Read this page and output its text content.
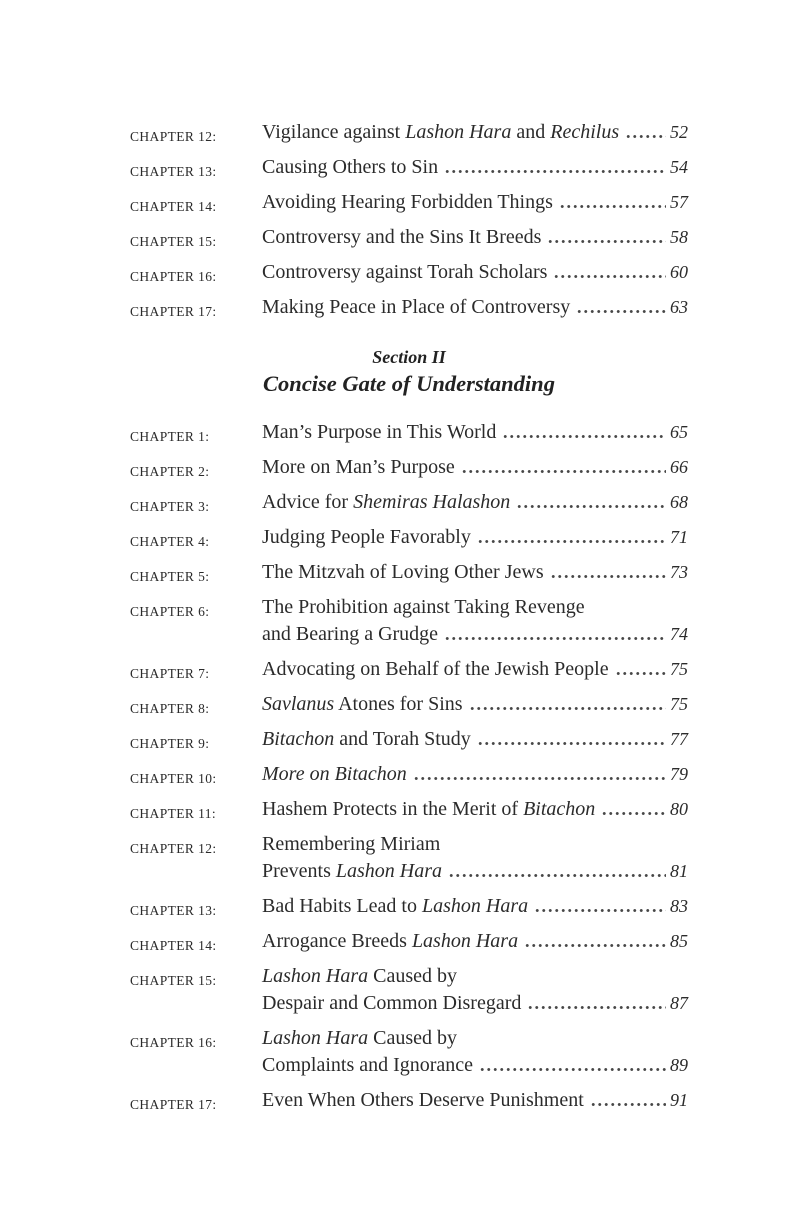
CHAPTER 12:	Vigilance against Lashon Hara and Rechilus	52
CHAPTER 13:	Causing Others to Sin	54
CHAPTER 14:	Avoiding Hearing Forbidden Things	57
CHAPTER 15:	Controversy and the Sins It Breeds	58
CHAPTER 16:	Controversy against Torah Scholars	60
CHAPTER 17:	Making Peace in Place of Controversy	63
Section II
Concise Gate of Understanding
CHAPTER 1:	Man’s Purpose in This World	65
CHAPTER 2:	More on Man’s Purpose	66
CHAPTER 3:	Advice for Shemiras Halashon	68
CHAPTER 4:	Judging People Favorably	71
CHAPTER 5:	The Mitzvah of Loving Other Jews	73
CHAPTER 6:	The Prohibition against Taking Revenge
and Bearing a Grudge	74
CHAPTER 7:	Advocating on Behalf of the Jewish People	75
CHAPTER 8:	Savlanus Atones for Sins	75
CHAPTER 9:	Bitachon and Torah Study	77
CHAPTER 10:	More on Bitachon	79
CHAPTER 11:	Hashem Protects in the Merit of Bitachon	80
CHAPTER 12:	Remembering Miriam
Prevents Lashon Hara	81
CHAPTER 13:	Bad Habits Lead to Lashon Hara	83
CHAPTER 14:	Arrogance Breeds Lashon Hara	85
CHAPTER 15:	Lashon Hara Caused by
Despair and Common Disregard	87
CHAPTER 16:	Lashon Hara Caused by
Complaints and Ignorance	89
CHAPTER 17:	Even When Others Deserve Punishment	91
